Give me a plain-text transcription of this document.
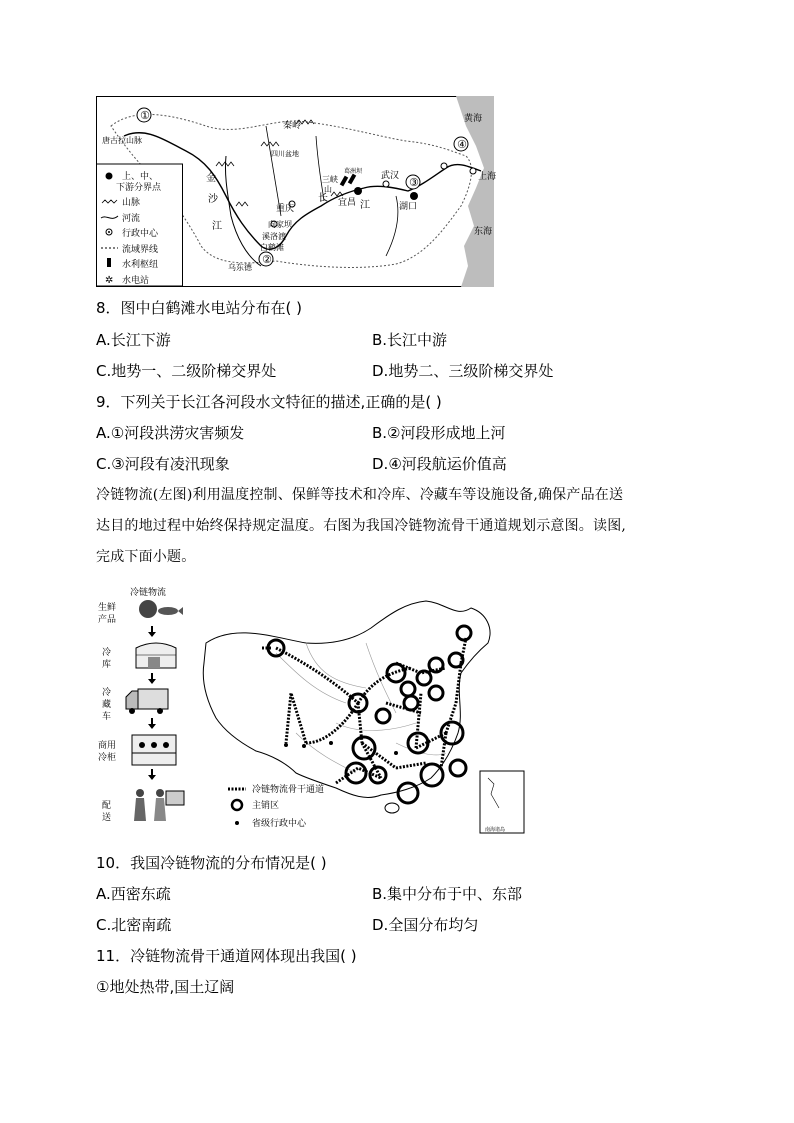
①
②
③
④
唐古拉山脉
秦岭
四川盆地
重庆
向家坝
溪洛渡
白鹤滩
乌东德
宜昌
武汉
湖口
黄海
东海
上海
金
沙
江
长
江
葛洲坝
三峡
山
✲
上、中、
下游分界点
山脉
河流
行政中心
流域界线
水利枢纽
水电站
8．图中白鹤滩水电站分布在( )
A.长江下游	B.长江中游
C.地势一、二级阶梯交界处	D.地势二、三级阶梯交界处
9．下列关于长江各河段水文特征的描述,正确的是( )
A.①河段洪涝灾害频发	B.②河段形成地上河
C.③河段有凌汛现象	D.④河段航运价值高
冷链物流(左图)利用温度控制、保鲜等技术和冷库、冷藏车等设施设备,确保产品在送
达目的地过程中始终保持规定温度。右图为我国冷链物流骨干通道规划示意图。读图,
完成下面小题。
冷链物流
生鲜
产品
冷
库
冷
藏
车
商用
冷柜
配
送
冷链物流骨干通道
主销区
省级行政中心
南海诸岛
10．我国冷链物流的分布情况是( )
A.西密东疏	B.集中分布于中、东部
C.北密南疏	D.全国分布均匀
11．冷链物流骨干通道网体现出我国( )
①地处热带,国土辽阔
